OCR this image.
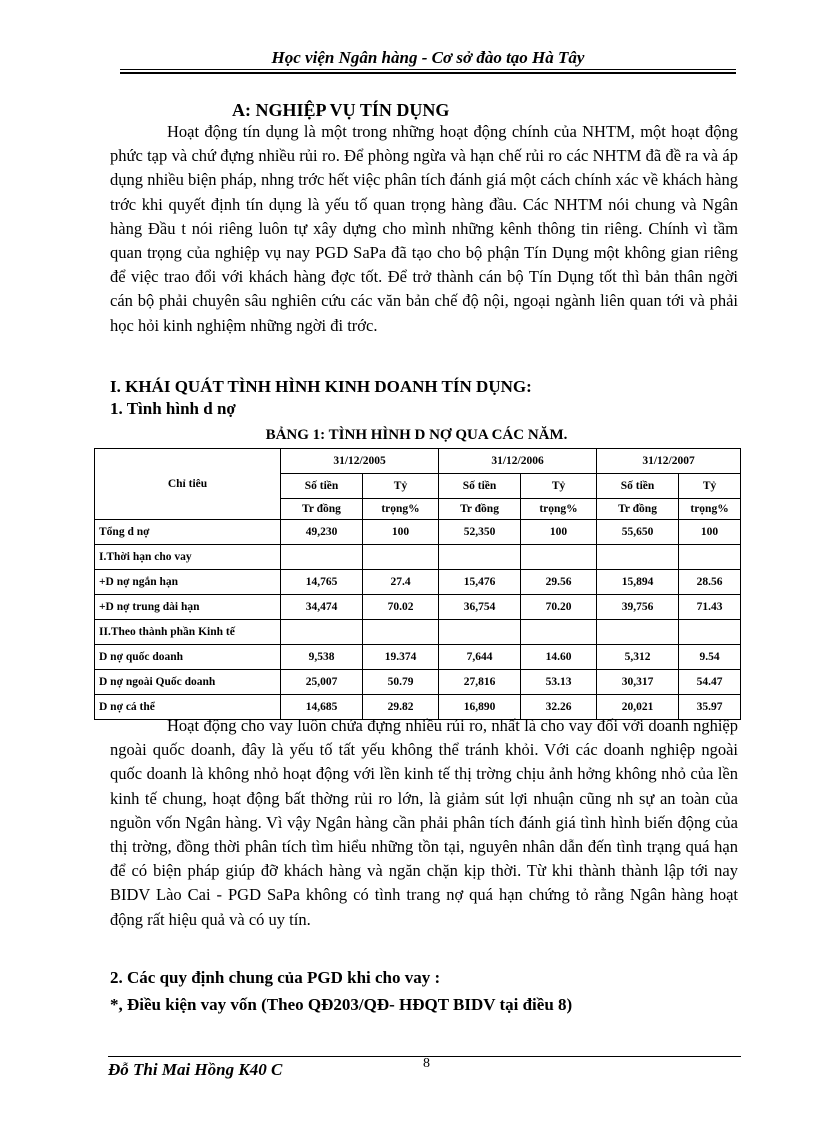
Học viện Ngân hàng - Cơ sở đào tạo Hà Tây
A: NGHIỆP VỤ TÍN DỤNG

Hoạt động tín dụng là một trong những hoạt động chính của NHTM, một hoạt động phức tạp và chứ đựng nhiều rủi ro. Để phòng ngừa và hạn chế rủi ro các NHTM đã đề ra và áp dụng nhiều biện pháp, nhng trớc hết việc phân tích đánh giá một cách chính xác về khách hàng trớc khi quyết định tín dụng là yếu tố quan trọng hàng đầu. Các NHTM nói chung và Ngân hàng Đầu t nói riêng luôn tự xây dựng cho mình những kênh thông tin riêng. Chính vì tầm quan trọng của nghiệp vụ nay PGD SaPa đã tạo cho bộ phận Tín Dụng một không gian riêng để việc trao đổi với khách hàng đợc tốt. Để trở thành cán bộ Tín Dụng tốt thì bản thân ngời cán bộ phải chuyên sâu nghiên cứu các văn bản chế độ nội, ngoại ngành liên quan tới và phải học hỏi kinh nghiệm những ngời đi trớc.

I. KHÁI QUÁT TÌNH HÌNH KINH DOANH TÍN DỤNG:
1. Tình hình d nợ
BẢNG 1: TÌNH HÌNH D NỢ QUA CÁC NĂM.
Chỉ tiêu	31/12/2005		31/12/2006		31/12/2007	
	Số tiền	Tỷ	Số tiền	Tỷ	Số tiền	Tỷ
	Tr đồng	trọng%	Tr đồng	trọng%	Tr đồng	trọng%
Tổng d nợ	49,230	100	52,350	100	55,650	100
I.Thời hạn cho vay						
+D nợ ngắn hạn	14,765	27.4	15,476	29.56	15,894	28.56
+D nợ trung dài hạn	34,474	70.02	36,754	70.20	39,756	71.43
II.Theo thành phần Kinh tế						
D nợ quốc doanh	9,538	19.374	7,644	14.60	5,312	9.54
D nợ ngoài Quốc doanh	25,007	50.79	27,816	53.13	30,317	54.47
D nợ cá thể	14,685	29.82	16,890	32.26	20,021	35.97

Hoạt động cho vay luôn chứa đựng nhiều rủi ro, nhất là cho vay đối với doanh nghiệp ngoài quốc doanh, đây là yếu tố tất yếu không thể tránh khỏi. Với các doanh nghiệp ngoài quốc doanh là không nhỏ hoạt động với lền kinh tế thị trờng chịu ảnh hởng không nhỏ của lền kinh tế chung, hoạt động bất thờng rủi ro lớn, là giảm sút lợi nhuận cũng nh sự an toàn của nguồn vốn Ngân hàng. Vì vậy Ngân hàng cần phải phân tích đánh giá tình hình biến động của thị trờng, đồng thời phân tích tìm hiểu những tồn tại, nguyên nhân dẫn đến tình trạng quá hạn để có biện pháp giúp đỡ khách hàng và ngăn chặn kịp thời. Từ khi thành thành lập tới nay BIDV Lào Cai - PGD SaPa không có tình trang nợ quá hạn chứng tỏ rằng Ngân hàng hoạt động rất hiệu quả và có uy tín.

2. Các quy định chung của PGD khi cho vay :
*, Điều kiện vay vốn (Theo QĐ203/QĐ- HĐQT BIDV tại điều 8)
Đỗ Thi Mai Hồng K40 C	8
